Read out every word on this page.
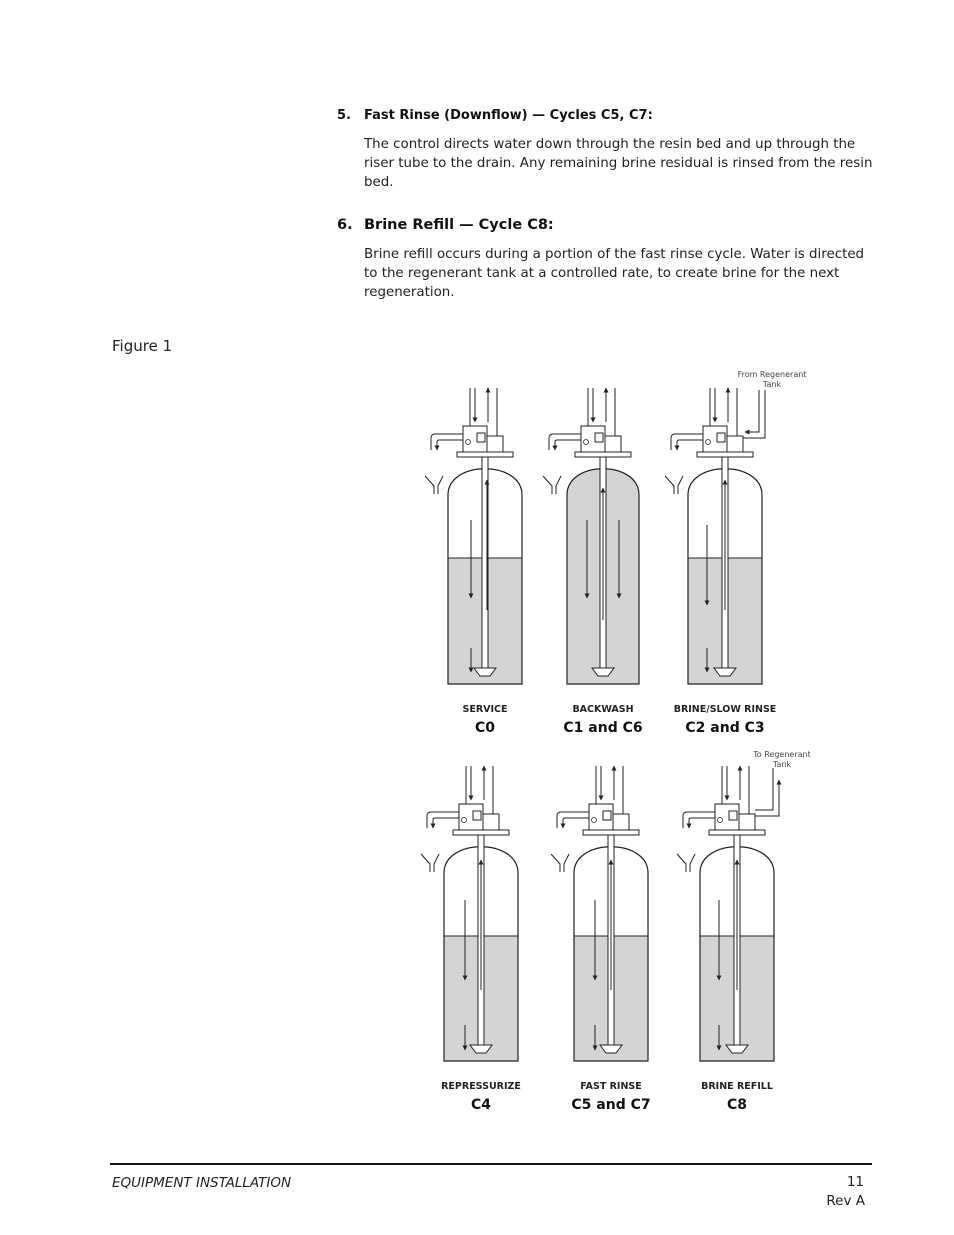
5. Fast Rinse (Downflow) — Cycles C5, C7:
The control directs water down through the resin bed and up through the riser tube to the drain. Any remaining brine residual is rinsed from the resin bed.
6. Brine Refill — Cycle C8:
Brine refill occurs during a portion of the fast rinse cycle. Water is directed to the regenerant tank at a controlled rate, to create brine for the next regeneration.
Figure 1
SERVICE
C0
BACKWASH
C1 and C6
BRINE/SLOW RINSE
C2 and C3
REPRESSURIZE
C4
FAST RINSE
C5 and C7
BRINE REFILL
C8
From Regenerant
Tank
To Regenerant
Tank
EQUIPMENT INSTALLATION	11
Rev A
